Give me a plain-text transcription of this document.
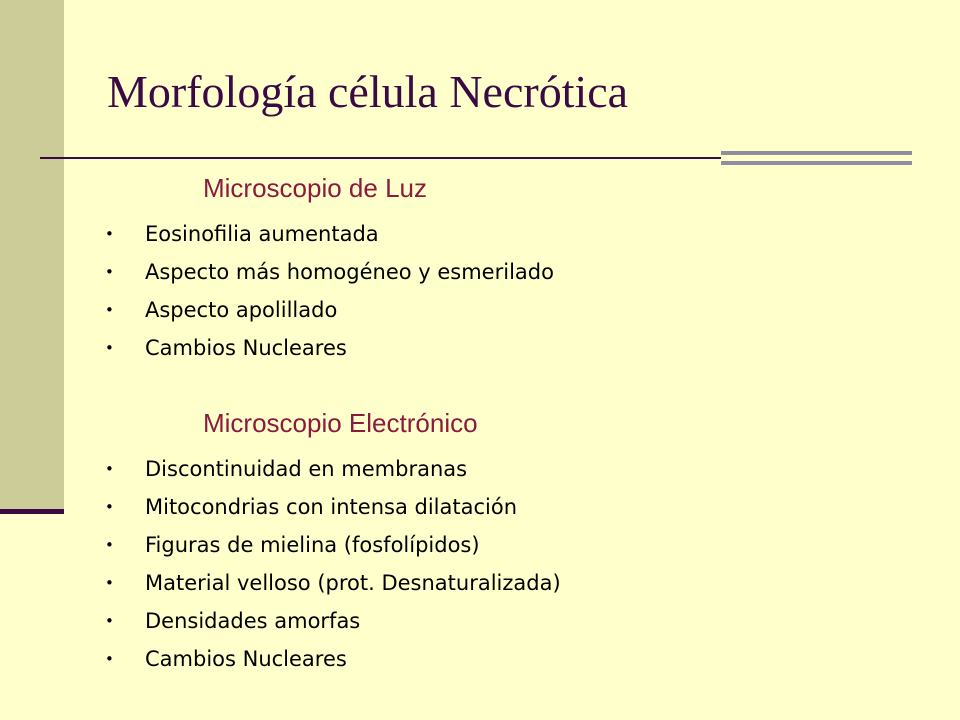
Morfología célula Necrótica
Microscopio de Luz
•	Eosinofilia aumentada
•	Aspecto más homogéneo y esmerilado
•	Aspecto apolillado
•	Cambios Nucleares
Microscopio Electrónico
•	Discontinuidad en membranas
•	Mitocondrias con intensa dilatación
•	Figuras de mielina (fosfolípidos)
•	Material velloso (prot. Desnaturalizada)
•	Densidades amorfas
•	Cambios Nucleares
